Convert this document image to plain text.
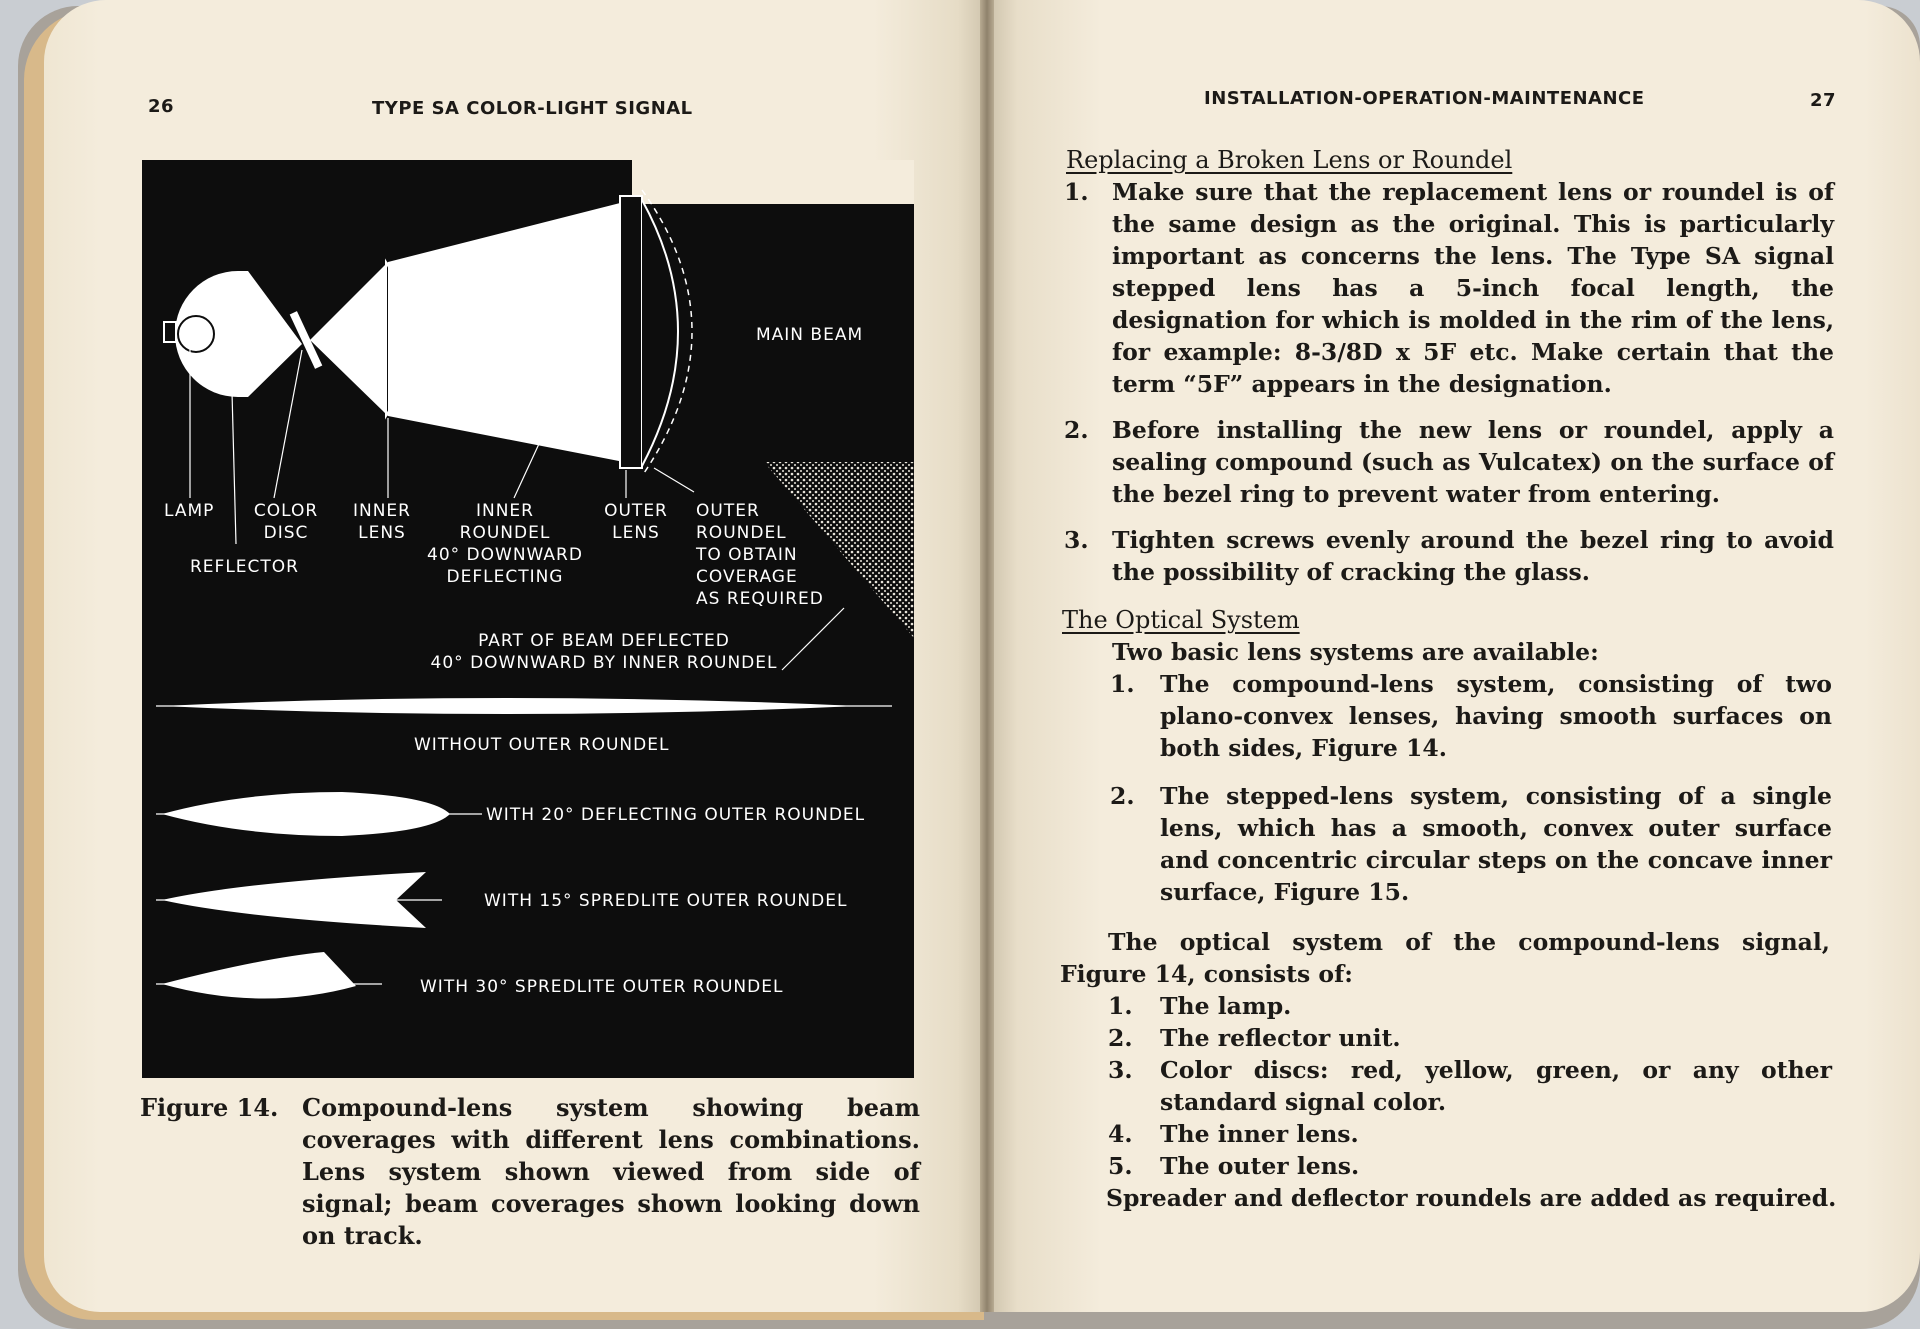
26	TYPE SA COLOR-LIGHT SIGNAL
MAIN BEAM
LAMP	COLOR
DISC
REFLECTOR
INNER
LENS
INNER
ROUNDEL
40° DOWNWARD
DEFLECTING
OUTER
LENS
OUTER
ROUNDEL
TO OBTAIN
COVERAGE
AS REQUIRED
PART OF BEAM DEFLECTED
40° DOWNWARD BY INNER ROUNDEL
WITHOUT OUTER ROUNDEL
WITH 20° DEFLECTING OUTER ROUNDEL
WITH 15° SPREDLITE OUTER ROUNDEL
WITH 30° SPREDLITE OUTER ROUNDEL
Figure 14. Compound-lens system showing beam coverages with different lens combinations. Lens system shown viewed from side of signal; beam coverages shown looking down on track.
INSTALLATION-OPERATION-MAINTENANCE	27
Replacing a Broken Lens or Roundel
1. Make sure that the replacement lens or roundel is of the same design as the original. This is particularly important as concerns the lens. The Type SA signal stepped lens has a 5-inch focal length, the designation for which is molded in the rim of the lens, for example: 8-3/8D x 5F etc. Make certain that the term “5F” appears in the designation.
2. Before installing the new lens or roundel, apply a sealing compound (such as Vulcatex) on the surface of the bezel ring to prevent water from entering.
3. Tighten screws evenly around the bezel ring to avoid the possibility of cracking the glass.
The Optical System
Two basic lens systems are available:
1. The compound-lens system, consisting of two plano-convex lenses, having smooth surfaces on both sides, Figure 14.
2. The stepped-lens system, consisting of a single lens, which has a smooth, convex outer surface and concentric circular steps on the concave inner surface, Figure 15.
The optical system of the compound-lens signal, Figure 14, consists of:
1. The lamp.
2. The reflector unit.
3. Color discs: red, yellow, green, or any other standard signal color.
4. The inner lens.
5. The outer lens.
Spreader and deflector roundels are added as required.
